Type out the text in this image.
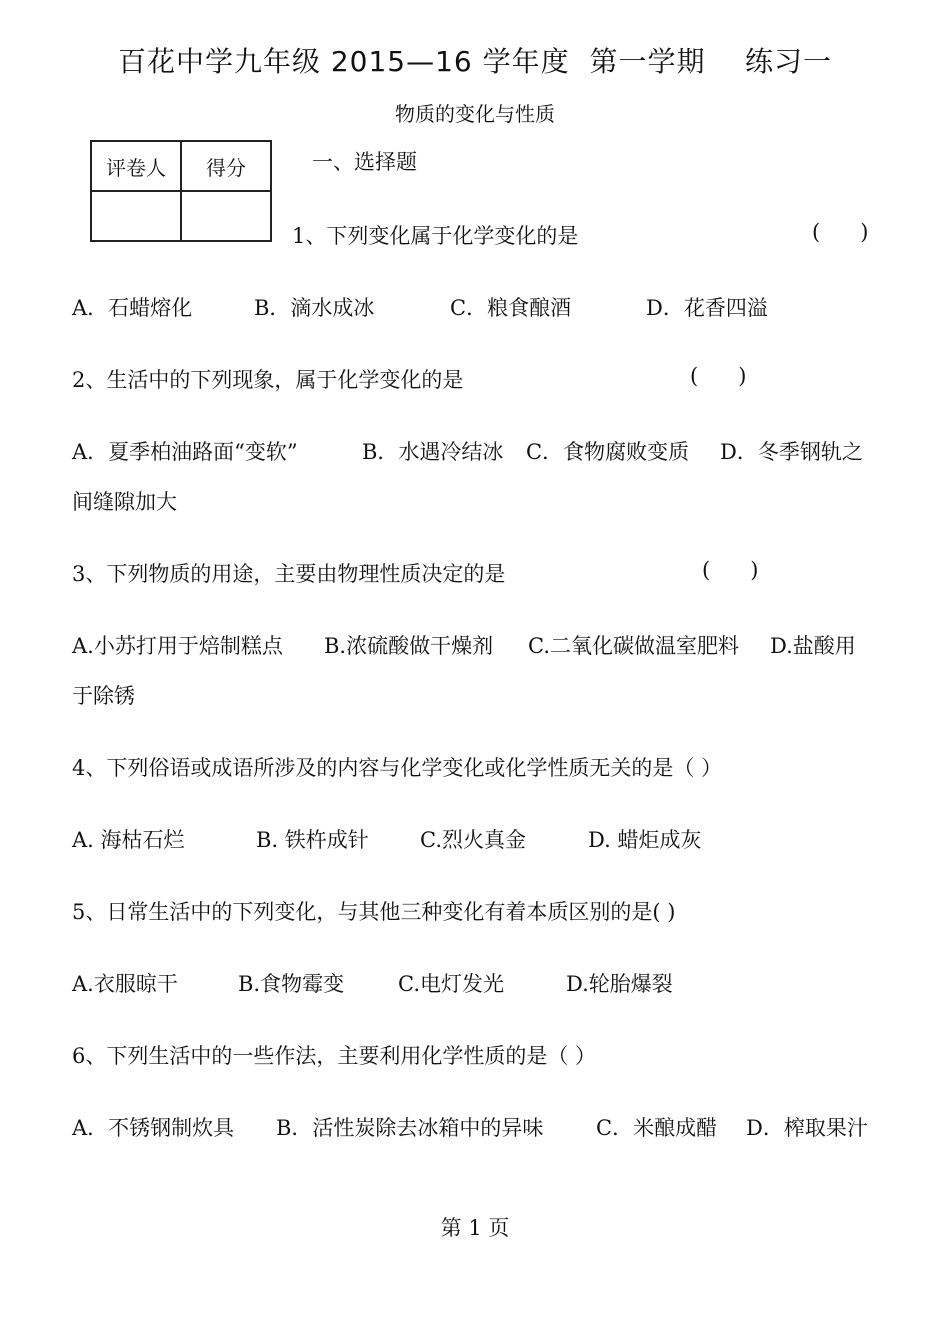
百花中学九年级 2015—16 学年度  第一学期    练习一
物质的变化与性质
评卷人	得分
		一、选择题
1、下列变化属于化学变化的是	(      )
A．石蜡熔化	B．滴水成冰	C．粮食酿酒	D．花香四溢
2、生活中的下列现象，属于化学变化的是	(      )
A．夏季柏油路面“变软”	B．水遇冷结冰 C．食物腐败变质 D．冬季钢轨之
间缝隙加大
3、下列物质的用途，主要由物理性质决定的是	(      )
A.小苏打用于焙制糕点 B.浓硫酸做干燥剂 C.二氧化碳做温室肥料 D.盐酸用
于除锈
4、下列俗语或成语所涉及的内容与化学变化或化学性质无关的是（ ）
A. 海枯石烂	B. 铁杵成针 C.烈火真金	D. 蜡炬成灰
5、日常生活中的下列变化，与其他三种变化有着本质区别的是( )
A.衣服晾干	B.食物霉变	C.电灯发光	D.轮胎爆裂
6、下列生活中的一些作法，主要利用化学性质的是（ ）
A．不锈钢制炊具 B．活性炭除去冰箱中的异味	C．米酿成醋 D．榨取果汁
第 1 页
